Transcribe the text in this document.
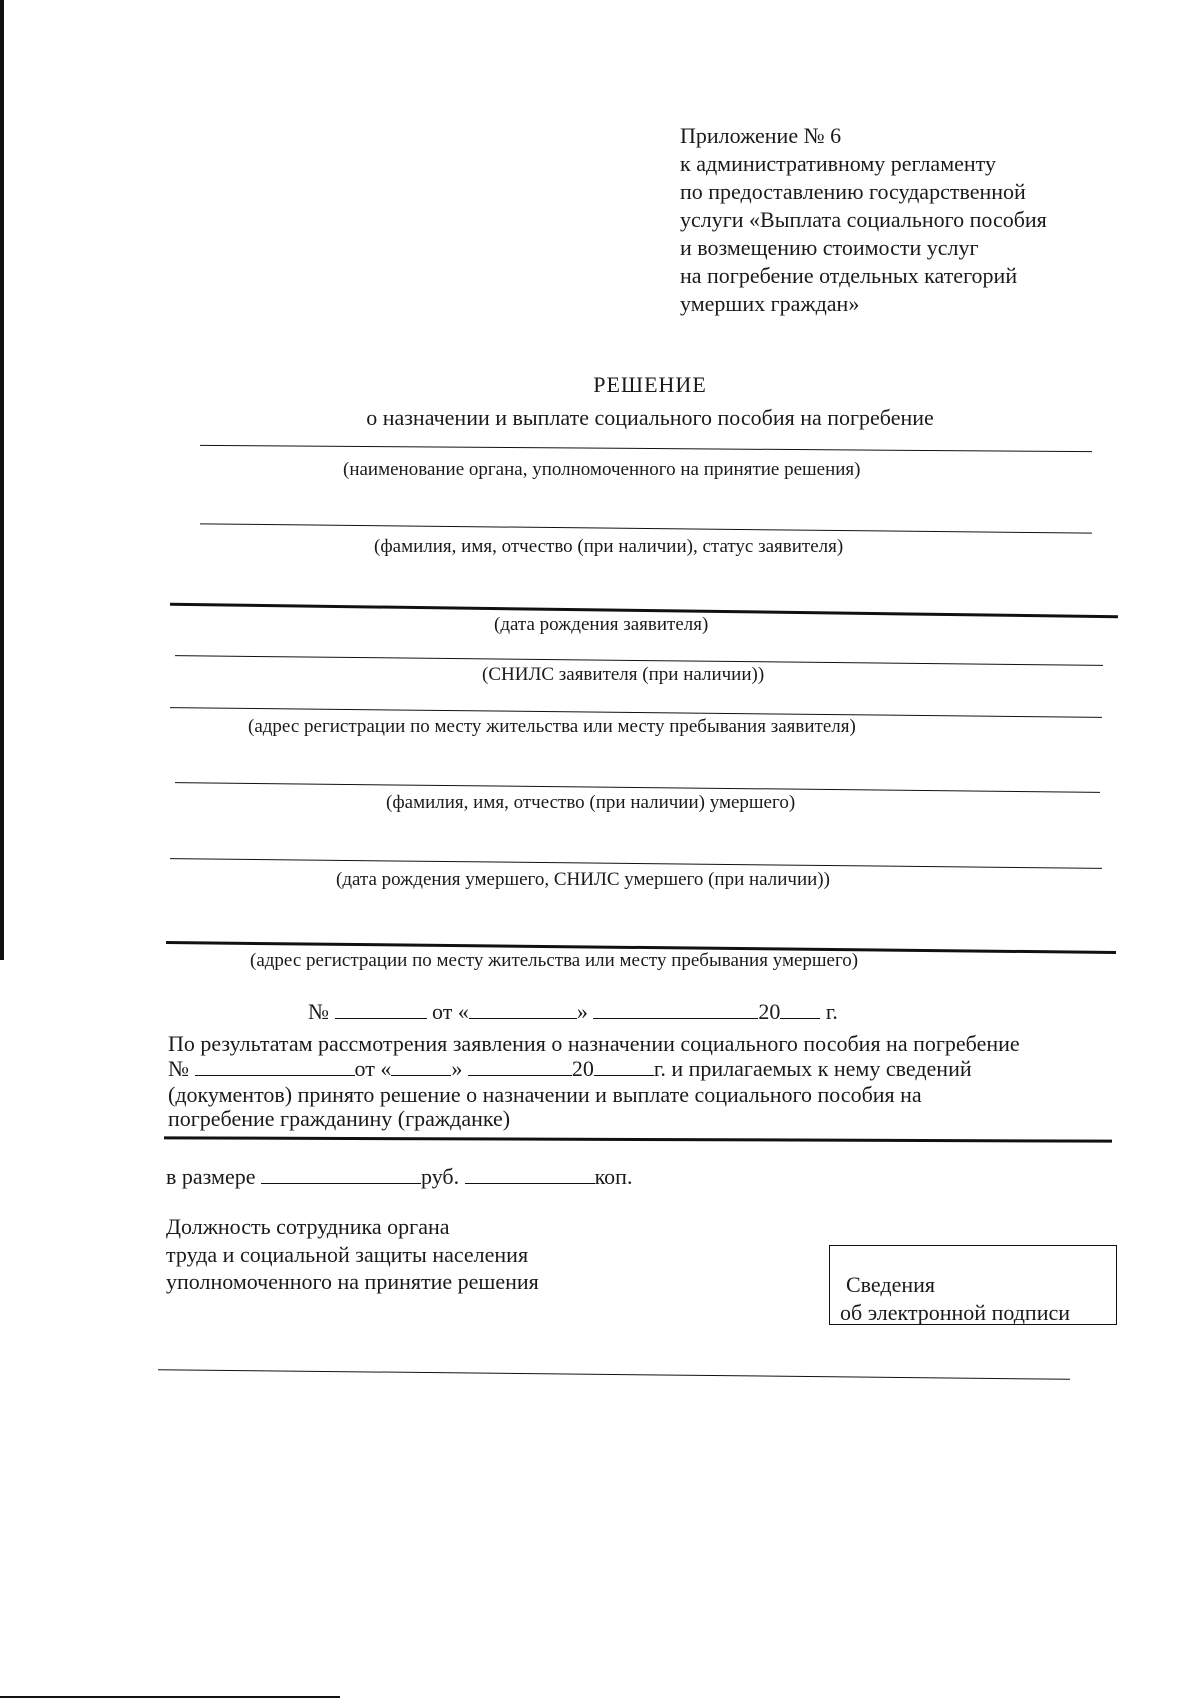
Приложение № 6
к административному регламенту
по предоставлению государственной
услуги «Выплата социального пособия
и возмещению стоимости услуг
на погребение отдельных категорий
умерших граждан»
РЕШЕНИЕ
о назначении и выплате социального пособия на погребение
(наименование органа, уполномоченного на принятие решения)
(фамилия, имя, отчество (при наличии), статус заявителя)
(дата рождения заявителя)
(СНИЛС заявителя (при наличии))
(адрес регистрации по месту жительства или месту пребывания заявителя)
(фамилия, имя, отчество (при наличии) умершего)
(дата рождения умершего, СНИЛС умершего (при наличии))
(адрес регистрации по месту жительства или месту пребывания умершего)
№	от «	»	20 г.
По результатам рассмотрения заявления о назначении социального пособия на погребение
№	от «	»	20	г. и прилагаемых к нему сведений
(документов) принято решение о назначении и выплате социального пособия на
погребение гражданину (гражданке)
в размере	руб.	коп.
Должность сотрудника органа
труда и социальной защиты населения
уполномоченного на принятие решения	Сведения
об электронной подписи
